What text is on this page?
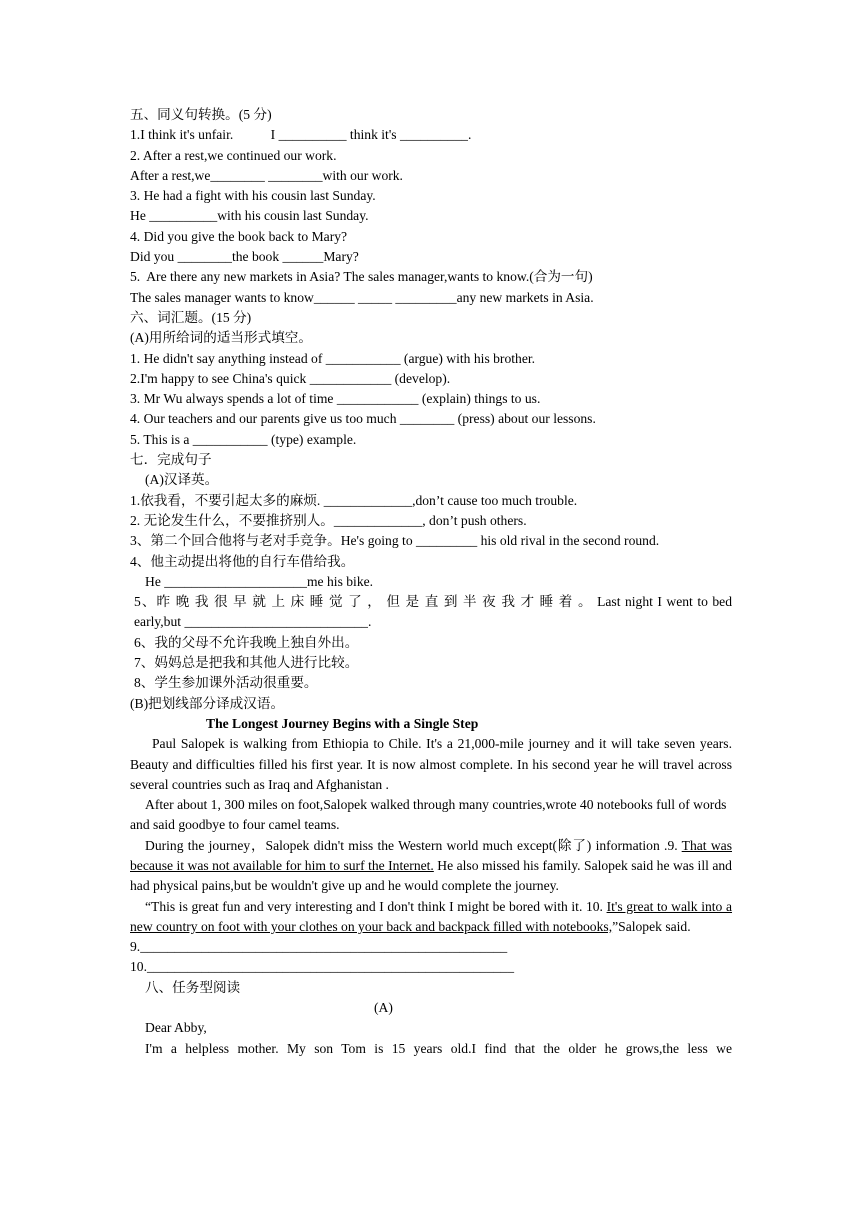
五、同义句转换。(5 分)
1.I think it's unfair.           I __________ think it's __________.
2. After a rest,we continued our work.
After a rest,we________ ________with our work.
3. He had a fight with his cousin last Sunday.
He __________with his cousin last Sunday.
4. Did you give the book back to Mary?
Did you ________the book ______Mary?
5.  Are there any new markets in Asia? The sales manager,wants to know.(合为一句)
The sales manager wants to know______ _____ _________any new markets in Asia.
六、词汇题。(15 分)
(A)用所给词的适当形式填空。
1. He didn't say anything instead of ___________ (argue) with his brother.
2.I'm happy to see China's quick ____________ (develop).
3. Mr Wu always spends a lot of time ____________ (explain) things to us.
4. Our teachers and our parents give us too much ________ (press) about our lessons.
5. This is a ___________ (type) example.
七．完成句子
(A)汉译英。
1.依我看，不要引起太多的麻烦. _____________,don’t cause too much trouble.
2. 无论发生什么，不要推挤别人。_____________, don’t push others.
3、第二个回合他将与老对手竞争。He's going to _________ his old rival in the second round.
4、他主动提出将他的自行车借给我。
He _____________________me his bike.
5、昨 晚 我 很 早 就 上 床 睡 觉 了 ， 但 是 直 到 半 夜 我 才 睡 着 。 Last night I went to bed
early,but ___________________________.
6、我的父母不允许我晚上独自外出。
7、妈妈总是把我和其他人进行比较。
8、学生参加课外活动很重要。
(B)把划线部分译成汉语。
The Longest Journey Begins with a Single Step
Paul Salopek is walking from Ethiopia to Chile. It's a 21,000-mile journey and it will take seven years. Beauty and difficulties filled his first year. It is now almost complete. In his second year he will travel across several countries such as Iraq and Afghanistan .
After about 1, 300 miles on foot,Salopek walked through many countries,wrote 40 notebooks full of words and said goodbye to four camel teams.
During the journey，Salopek didn't miss the Western world much except(除了) information .9. That was because it was not available for him to surf the Internet. He also missed his family. Salopek said he was ill and had physical pains,but be wouldn't give up and he would complete the journey.
“This is great fun and very interesting and I don't think I might be bored with it. 10. It's great to walk into a new country on foot with your clothes on your back and backpack filled with notebooks,”Salopek said.
9.______________________________________________________
10.______________________________________________________
八、任务型阅读
(A)
Dear Abby,
I'm a helpless mother. My son Tom is 15 years old.I find that the older he grows,the less we
